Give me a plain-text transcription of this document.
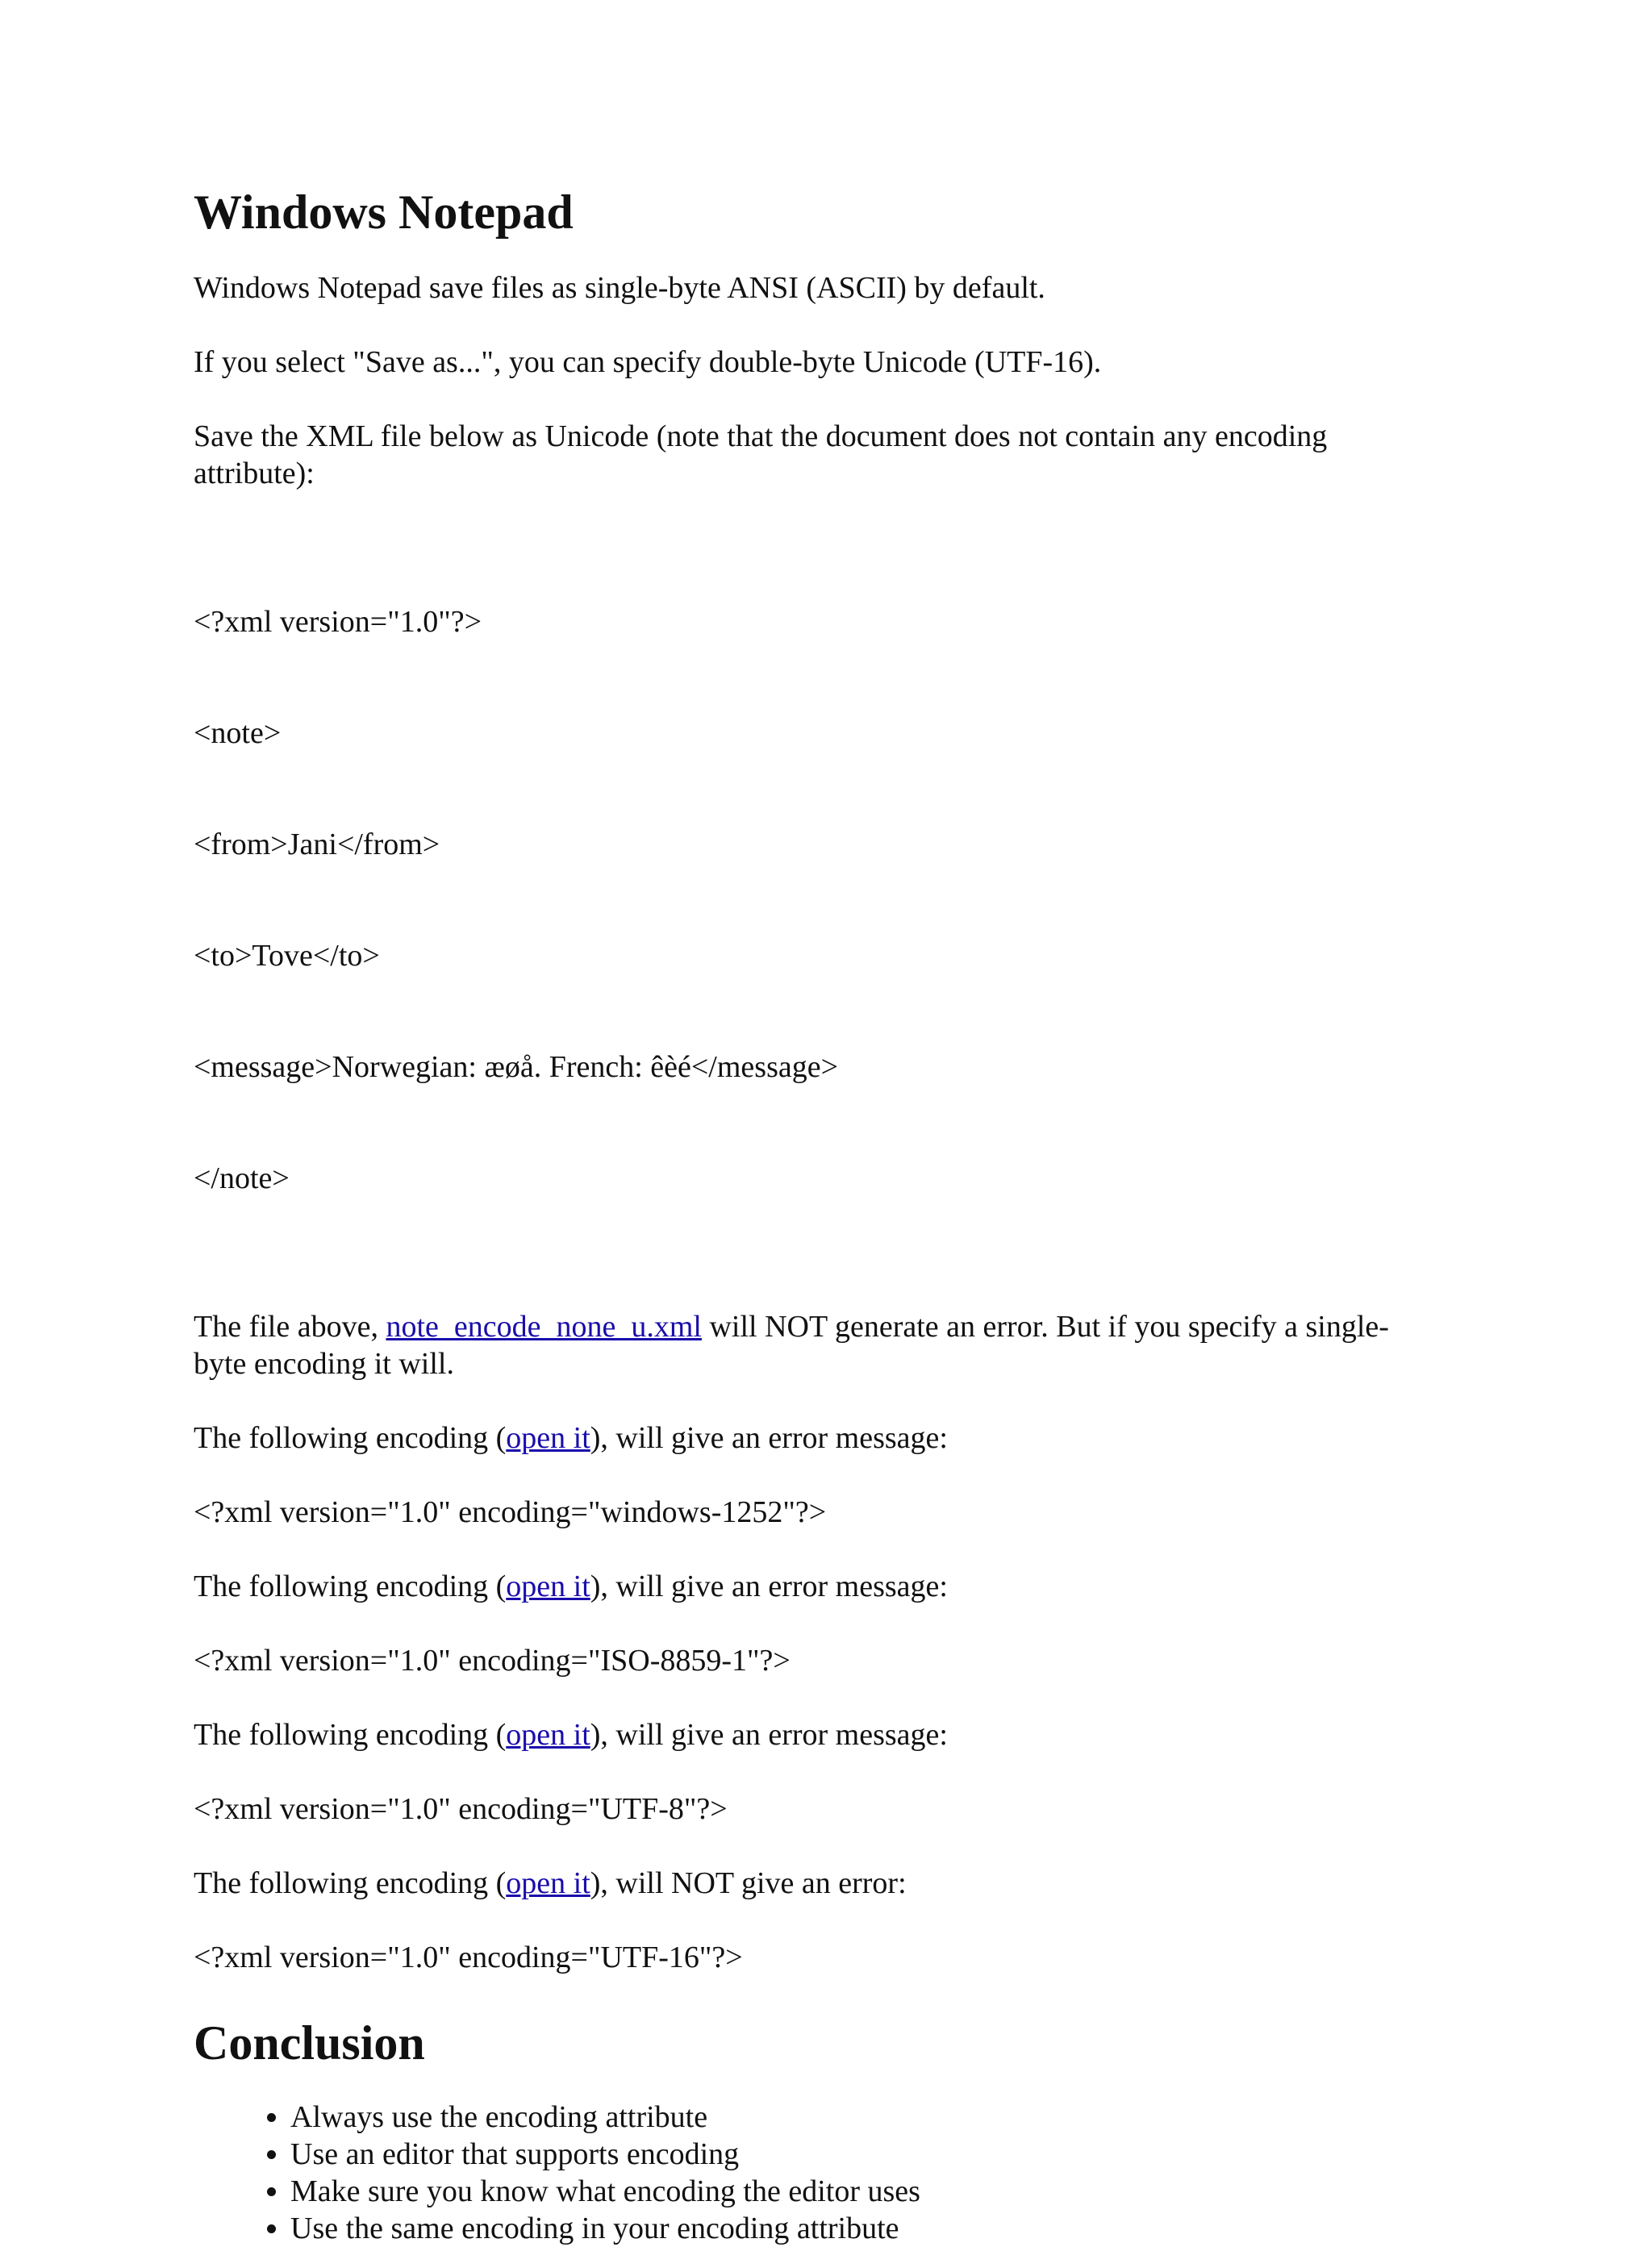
Windows Notepad

Windows Notepad save files as single-byte ANSI (ASCII) by default.

If you select "Save as...", you can specify double-byte Unicode (UTF-16).

Save the XML file below as Unicode (note that the document does not contain any encoding attribute):

<?xml version="1.0"?>

<note>

<from>Jani</from>

<to>Tove</to>

<message>Norwegian: æøå. French: êèé</message>

</note>

The file above, note_encode_none_u.xml will NOT generate an error. But if you specify a single-byte encoding it will.

The following encoding (open it), will give an error message:

<?xml version="1.0" encoding="windows-1252"?>

The following encoding (open it), will give an error message:

<?xml version="1.0" encoding="ISO-8859-1"?>

The following encoding (open it), will give an error message:

<?xml version="1.0" encoding="UTF-8"?>

The following encoding (open it), will NOT give an error:

<?xml version="1.0" encoding="UTF-16"?>

Conclusion
• Always use the encoding attribute
• Use an editor that supports encoding
• Make sure you know what encoding the editor uses
• Use the same encoding in your encoding attribute
